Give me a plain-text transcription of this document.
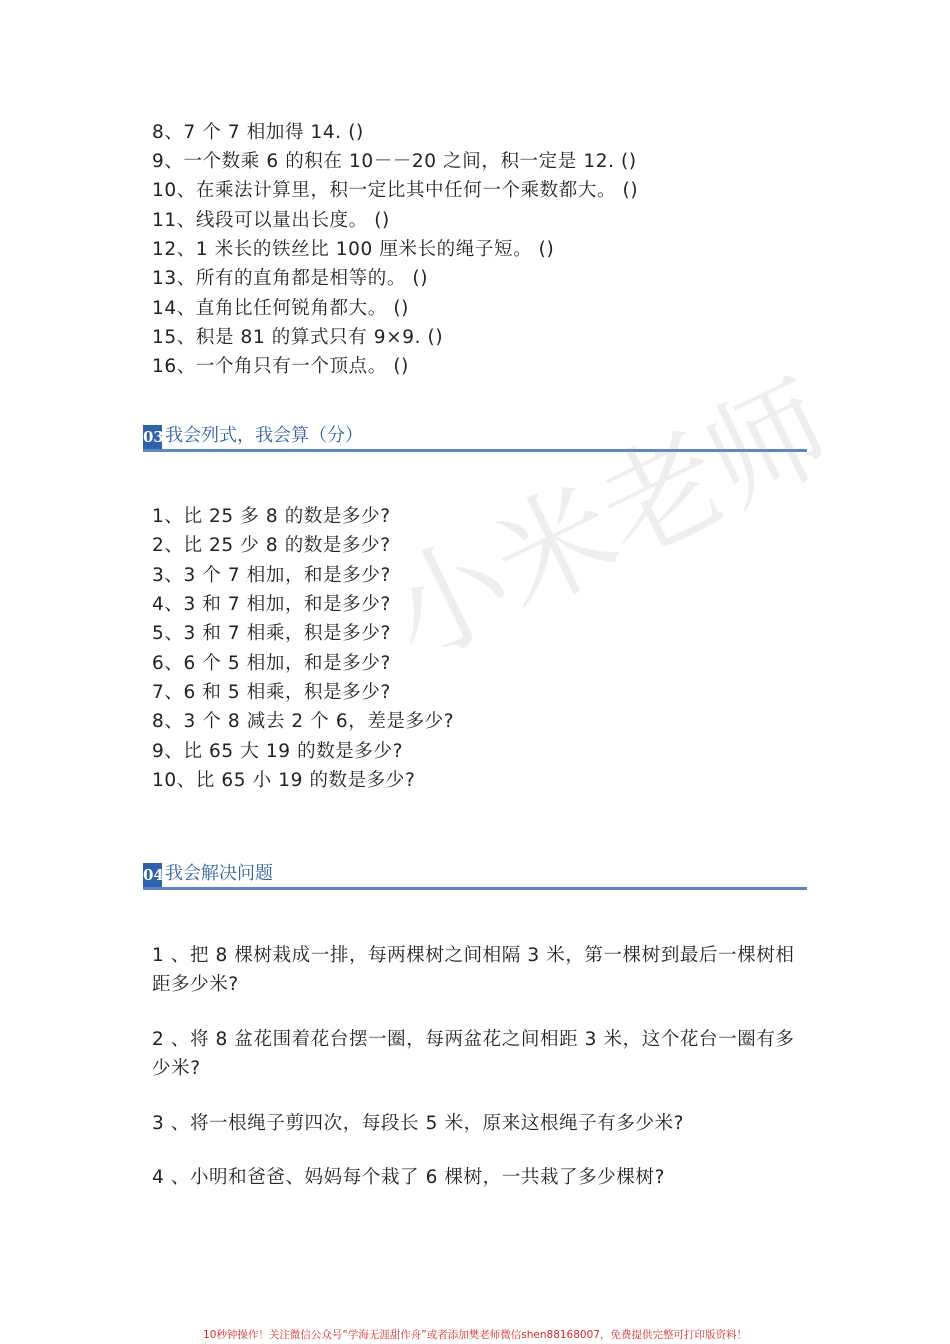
8、7 个 7 相加得 14. ()
9、一个数乘 6 的积在 10－－20 之间，积一定是 12. ()
10、在乘法计算里，积一定比其中任何一个乘数都大。 ()
11、线段可以量出长度。 ()
12、1 米长的铁丝比 100 厘米长的绳子短。 ()
13、所有的直角都是相等的。 ()
14、直角比任何锐角都大。 ()
15、积是 81 的算式只有 9×9. ()
16、一个角只有一个顶点。 ()
03 我会列式，我会算（分）
1、比 25 多 8 的数是多少?
2、比 25 少 8 的数是多少?
3、3 个 7 相加，和是多少?
4、3 和 7 相加，和是多少?
5、3 和 7 相乘，积是多少?
6、6 个 5 相加，和是多少?
7、6 和 5 相乘，积是多少?
8、3 个 8 减去 2 个 6，差是多少?
9、比 65 大 19 的数是多少?
10、比 65 小 19 的数是多少?
04 我会解决问题
1 、把 8 棵树栽成一排，每两棵树之间相隔 3 米，第一棵树到最后一棵树相距多少米?
2 、将 8 盆花围着花台摆一圈，每两盆花之间相距 3 米，这个花台一圈有多少米?
3 、将一根绳子剪四次，每段长 5 米，原来这根绳子有多少米?
4 、小明和爸爸、妈妈每个栽了 6 棵树，一共栽了多少棵树?
小米老师
10秒钟操作！关注微信公众号“学海无涯甜作舟”或者添加樊老师微信shen88168007，免费提供完整可打印版资料！
